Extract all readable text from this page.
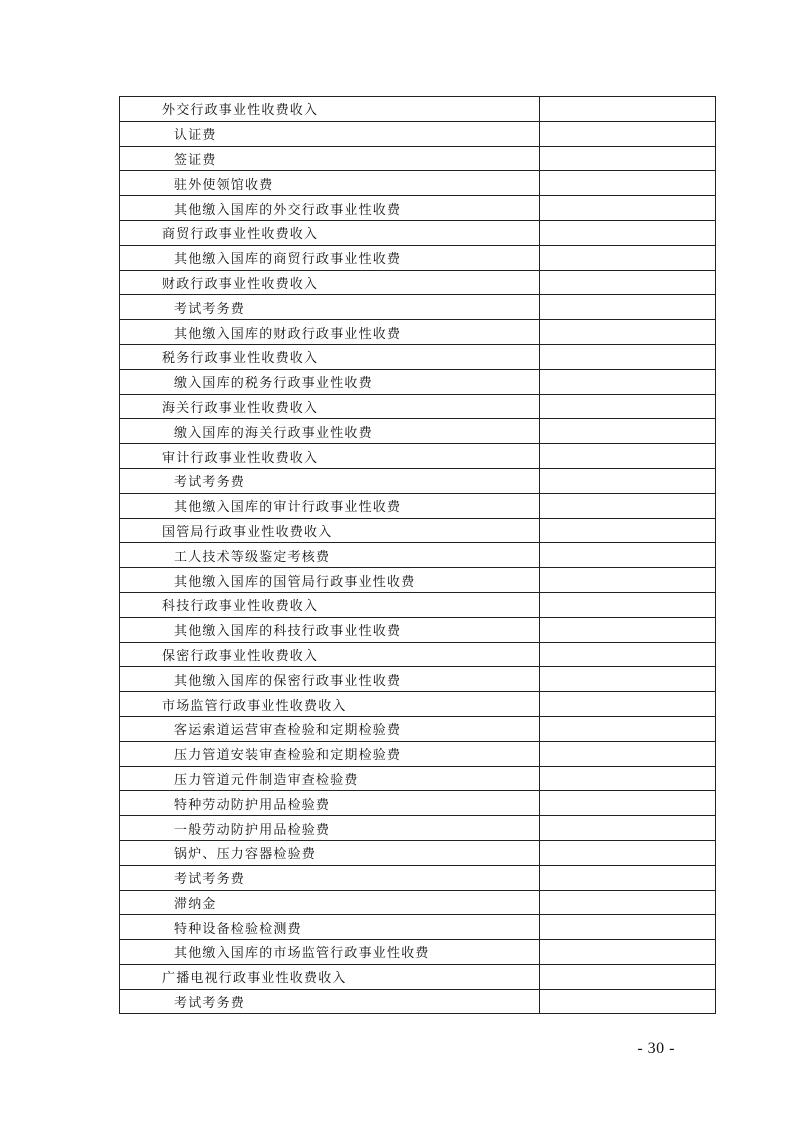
外交行政事业性收费收入	
认证费	
签证费	
驻外使领馆收费	
其他缴入国库的外交行政事业性收费	
商贸行政事业性收费收入	
其他缴入国库的商贸行政事业性收费	
财政行政事业性收费收入	
考试考务费	
其他缴入国库的财政行政事业性收费	
税务行政事业性收费收入	
缴入国库的税务行政事业性收费	
海关行政事业性收费收入	
缴入国库的海关行政事业性收费	
审计行政事业性收费收入	
考试考务费	
其他缴入国库的审计行政事业性收费	
国管局行政事业性收费收入	
工人技术等级鉴定考核费	
其他缴入国库的国管局行政事业性收费	
科技行政事业性收费收入	
其他缴入国库的科技行政事业性收费	
保密行政事业性收费收入	
其他缴入国库的保密行政事业性收费	
市场监管行政事业性收费收入	
客运索道运营审查检验和定期检验费	
压力管道安装审查检验和定期检验费	
压力管道元件制造审查检验费	
特种劳动防护用品检验费	
一般劳动防护用品检验费	
锅炉、压力容器检验费	
考试考务费	
滞纳金	
特种设备检验检测费	
其他缴入国库的市场监管行政事业性收费	
广播电视行政事业性收费收入	
考试考务费	
- 30 -
